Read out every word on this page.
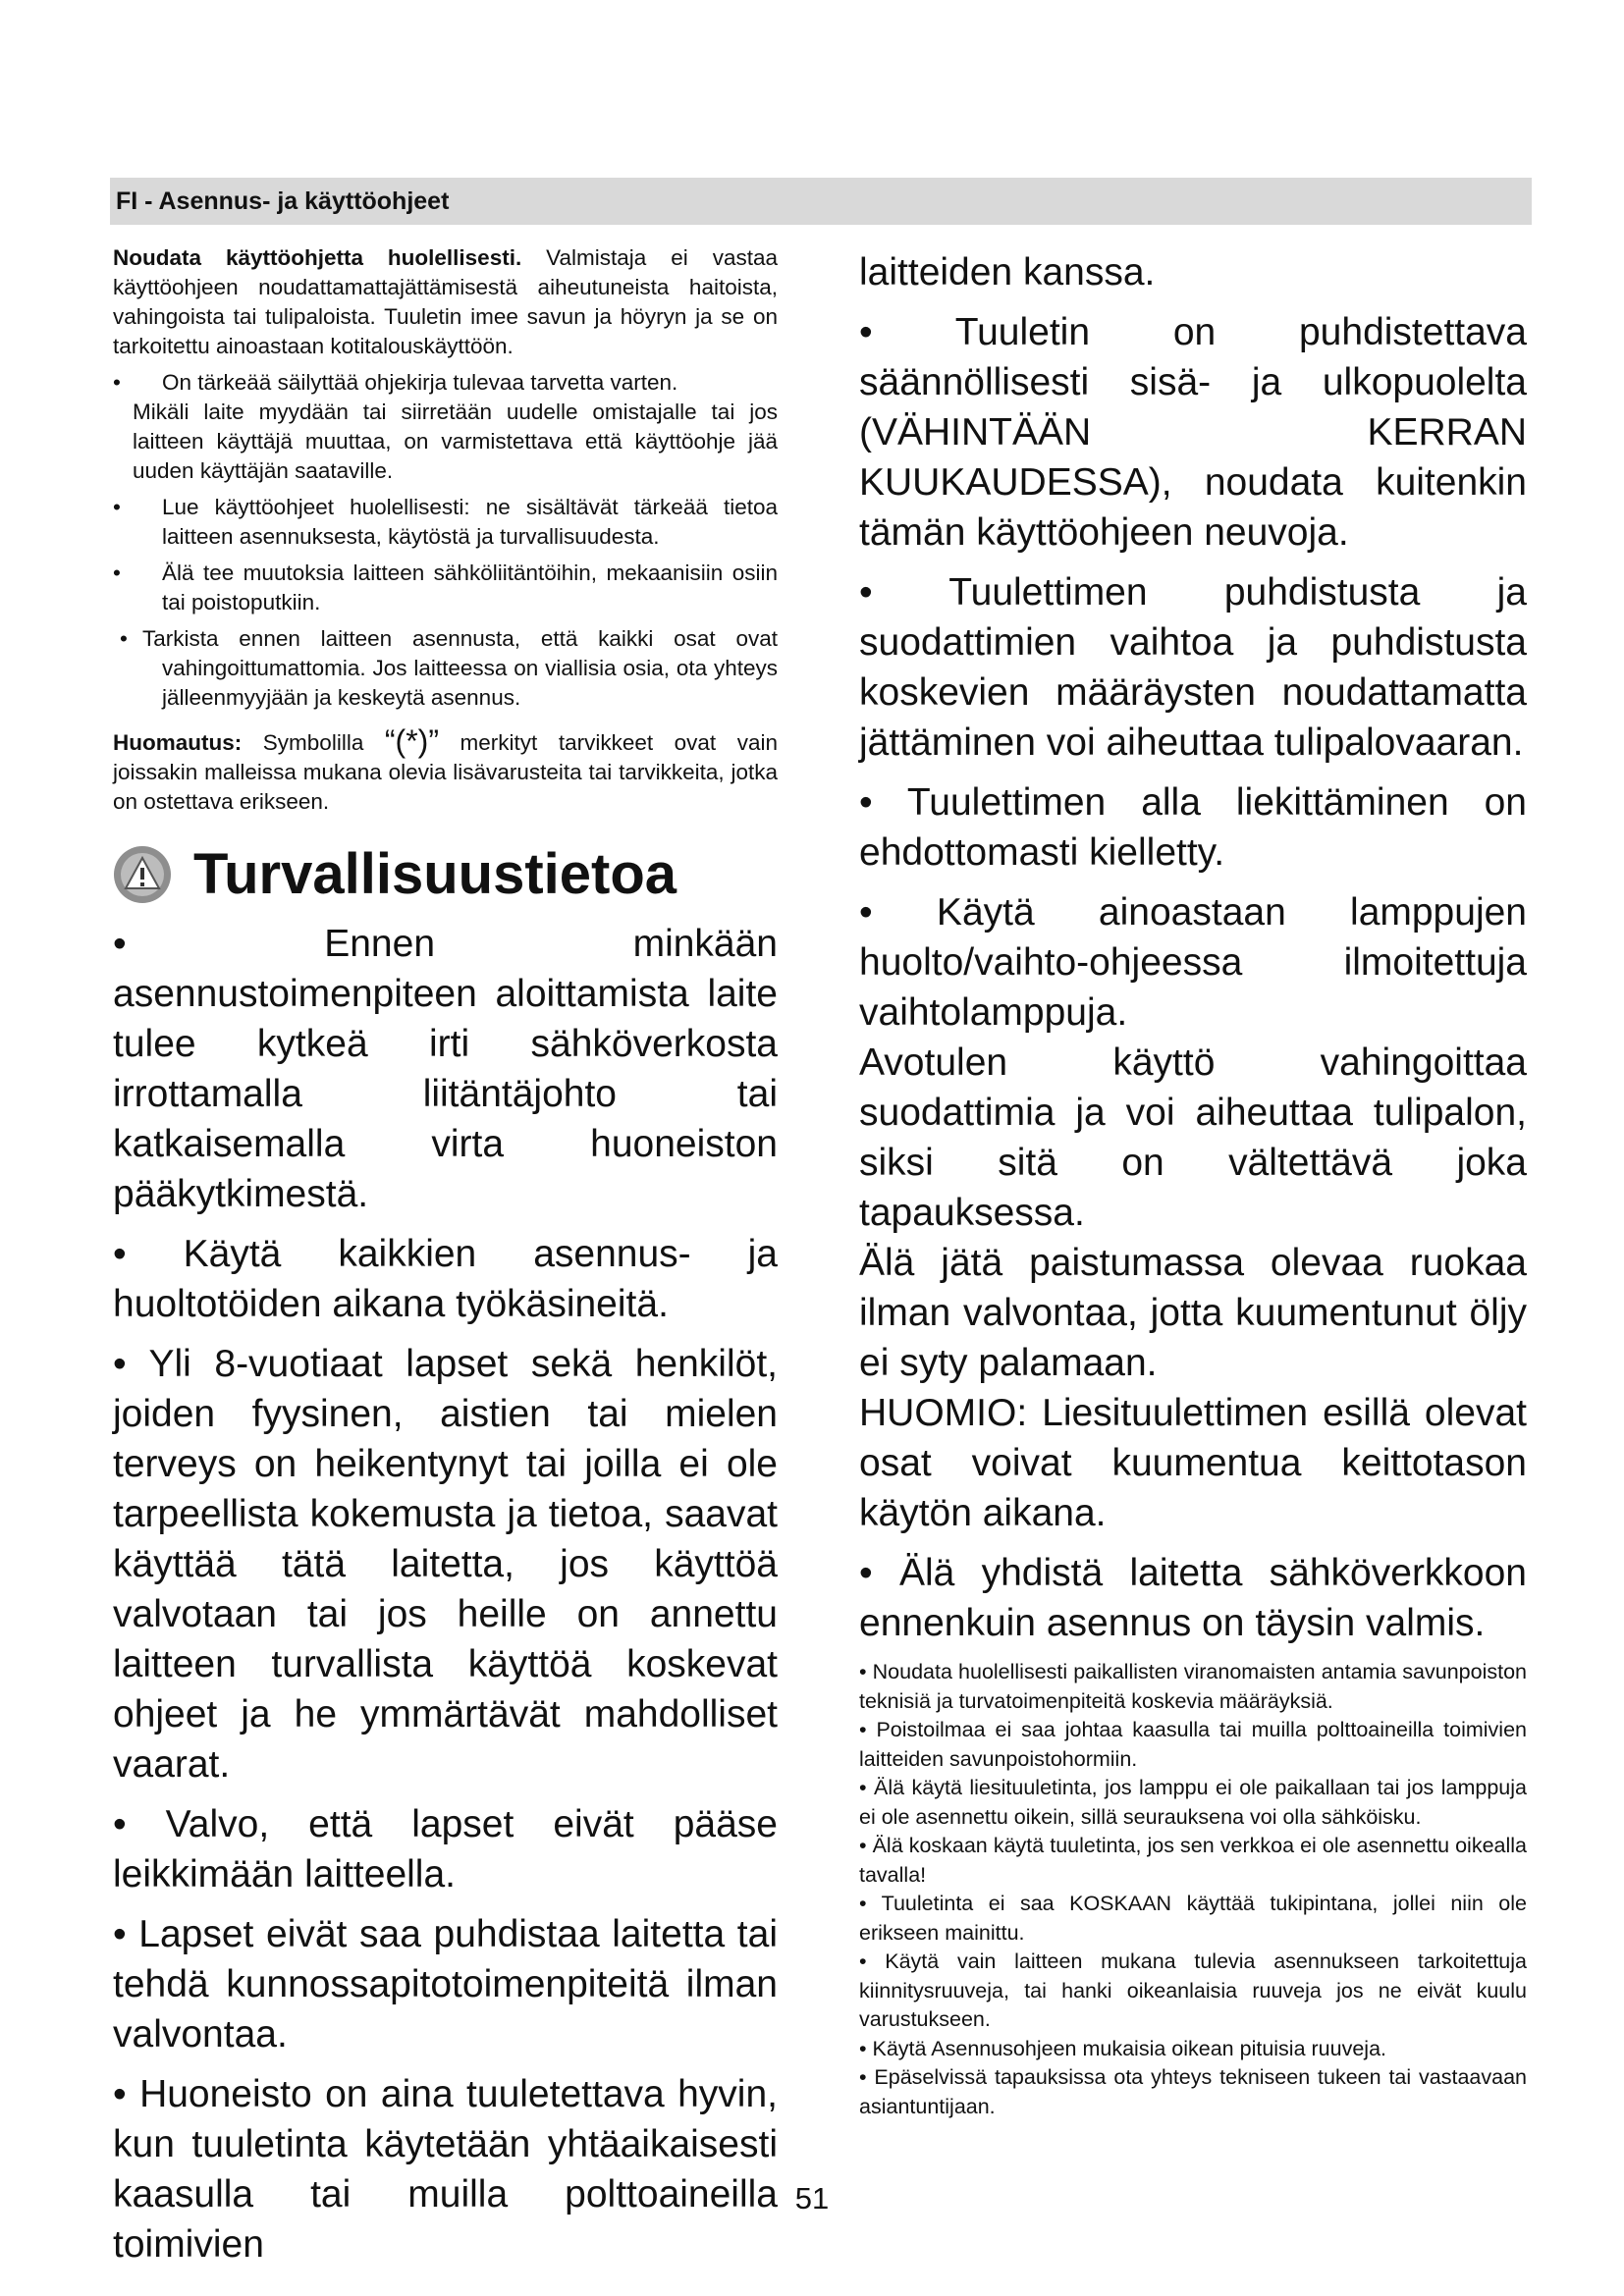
FI - Asennus- ja käyttöohjeet

Noudata käyttöohjetta huolellisesti. Valmistaja ei vastaa käyttöohjeen noudattamattajättämisestä aiheutuneista haitoista, vahingoista tai tulipaloista. Tuuletin imee savun ja höyryn ja se on tarkoitettu ainoastaan kotitalouskäyttöön.

• On tärkeää säilyttää ohjekirja tulevaa tarvetta varten.

Mikäli laite myydään tai siirretään uudelle omistajalle tai jos laitteen käyttäjä muuttaa, on varmistettava että käyttöohje jää uuden käyttäjän saataville.

• Lue käyttöohjeet huolellisesti: ne sisältävät tärkeää tietoa laitteen asennuksesta, käytöstä ja turvallisuudesta.

• Älä tee muutoksia laitteen sähköliitäntöihin, mekaanisiin osiin tai poistoputkiin.

• Tarkista ennen laitteen asennusta, että kaikki osat ovat vahingoittumattomia. Jos laitteessa on viallisia osia, ota yhteys jälleenmyyjään ja keskeytä asennus.

Huomautus: Symbolilla “(*)” merkityt tarvikkeet ovat vain joissakin malleissa mukana olevia lisävarusteita tai tarvikkeita, jotka on ostettava erikseen.

Turvallisuustietoa

• Ennen minkään asennustoimenpiteen aloittamista laite tulee kytkeä irti sähköverkosta irrottamalla liitäntäjohto tai katkaisemalla virta huoneiston pääkytkimestä.

• Käytä kaikkien asennus- ja huoltotöiden aikana työkäsineitä.

• Yli 8-vuotiaat lapset sekä henkilöt, joiden fyysinen, aistien tai mielen terveys on heikentynyt tai joilla ei ole tarpeellista kokemusta ja tietoa, saavat käyttää tätä laitetta, jos käyttöä valvotaan tai jos heille on annettu laitteen turvallista käyttöä koskevat ohjeet ja he ymmärtävät mahdolliset vaarat.

• Valvo, että lapset eivät pääse leikkimään laitteella.

• Lapset eivät saa puhdistaa laitetta tai tehdä kunnossapitotoimenpiteitä ilman valvontaa.

• Huoneisto on aina tuuletettava hyvin, kun tuuletinta käytetään yhtäaikaisesti kaasulla tai muilla polttoaineilla toimivien

laitteiden kanssa.

• Tuuletin on puhdistettava säännöllisesti sisä- ja ulkopuolelta (VÄHINTÄÄN KERRAN KUUKAUDESSA), noudata kuitenkin tämän käyttöohjeen neuvoja.

• Tuulettimen puhdistusta ja suodattimien vaihtoa ja puhdistusta koskevien määräysten noudattamatta jättäminen voi aiheuttaa tulipalovaaran.

• Tuulettimen alla liekittäminen on ehdottomasti kielletty.

• Käytä ainoastaan lamppujen huolto/vaihto-ohjeessa ilmoitettuja vaihtolamppuja.

Avotulen käyttö vahingoittaa suodattimia ja voi aiheuttaa tulipalon, siksi sitä on vältettävä joka tapauksessa.

Älä jätä paistumassa olevaa ruokaa ilman valvontaa, jotta kuumentunut öljy ei syty palamaan.

HUOMIO: Liesituulettimen esillä olevat osat voivat kuumentua keittotason käytön aikana.

• Älä yhdistä laitetta sähköverkkoon ennenkuin asennus on täysin valmis.

• Noudata huolellisesti paikallisten viranomaisten antamia savunpoiston teknisiä ja turvatoimenpiteitä koskevia määräyksiä.

• Poistoilmaa ei saa johtaa kaasulla tai muilla polttoaineilla toimivien laitteiden savunpoistohormiin.

• Älä käytä liesituuletinta, jos lamppu ei ole paikallaan tai jos lamppuja ei ole asennettu oikein, sillä seurauksena voi olla sähköisku.

• Älä koskaan käytä tuuletinta, jos sen verkkoa ei ole asennettu oikealla tavalla!

• Tuuletinta ei saa KOSKAAN käyttää tukipintana, jollei niin ole erikseen mainittu.

• Käytä vain laitteen mukana tulevia asennukseen tarkoitettuja kiinnitysruuveja, tai hanki oikeanlaisia ruuveja jos ne eivät kuulu varustukseen.

• Käytä Asennusohjeen mukaisia oikean pituisia ruuveja.

• Epäselvissä tapauksissa ota yhteys tekniseen tukeen tai vastaavaan asiantuntijaan.

51
